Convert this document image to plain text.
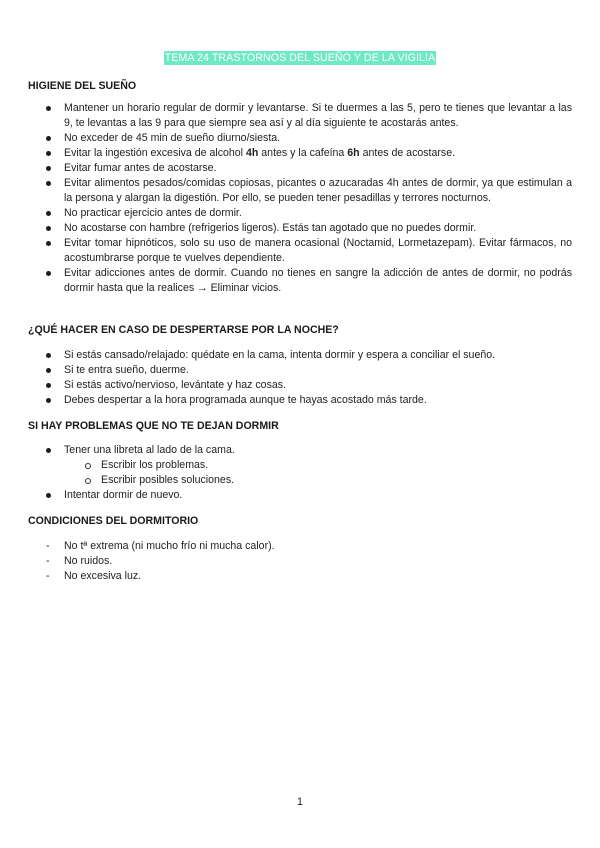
TEMA 24 TRASTORNOS DEL SUEÑO Y DE LA VIGILIA
HIGIENE DEL SUEÑO
Mantener un horario regular de dormir y levantarse. Si te duermes a las 5, pero te tienes que levantar a las 9, te levantas a las 9 para que siempre sea así y al día siguiente te acostarás antes.
No exceder de 45 min de sueño diurno/siesta.
Evitar la ingestión excesiva de alcohol 4h antes y la cafeína 6h antes de acostarse.
Evitar fumar antes de acostarse.
Evitar alimentos pesados/comidas copiosas, picantes o azucaradas 4h antes de dormir, ya que estimulan a la persona y alargan la digestión. Por ello, se pueden tener pesadillas y terrores nocturnos.
No practicar ejercicio antes de dormir.
No acostarse con hambre (refrigerios ligeros). Estás tan agotado que no puedes dormir.
Evitar tomar hipnóticos, solo su uso de manera ocasional (Noctamid, Lormetazepam). Evitar fármacos, no acostumbrarse porque te vuelves dependiente.
Evitar adicciones antes de dormir. Cuando no tienes en sangre la adicción de antes de dormir, no podrás dormir hasta que la realices → Eliminar vicios.
¿QUÉ HACER EN CASO DE DESPERTARSE POR LA NOCHE?
Si estás cansado/relajado: quédate en la cama, intenta dormir y espera a conciliar el sueño.
Si te entra sueño, duerme.
Si estás activo/nervioso, levántate y haz cosas.
Debes despertar a la hora programada aunque te hayas acostado más tarde.
SI HAY PROBLEMAS QUE NO TE DEJAN DORMIR
Tener una libreta al lado de la cama.
Escribir los problemas.
Escribir posibles soluciones.
Intentar dormir de nuevo.
CONDICIONES DEL DORMITORIO
- No tª extrema (ni mucho frío ni mucha calor).
- No ruidos.
- No excesiva luz.
1
